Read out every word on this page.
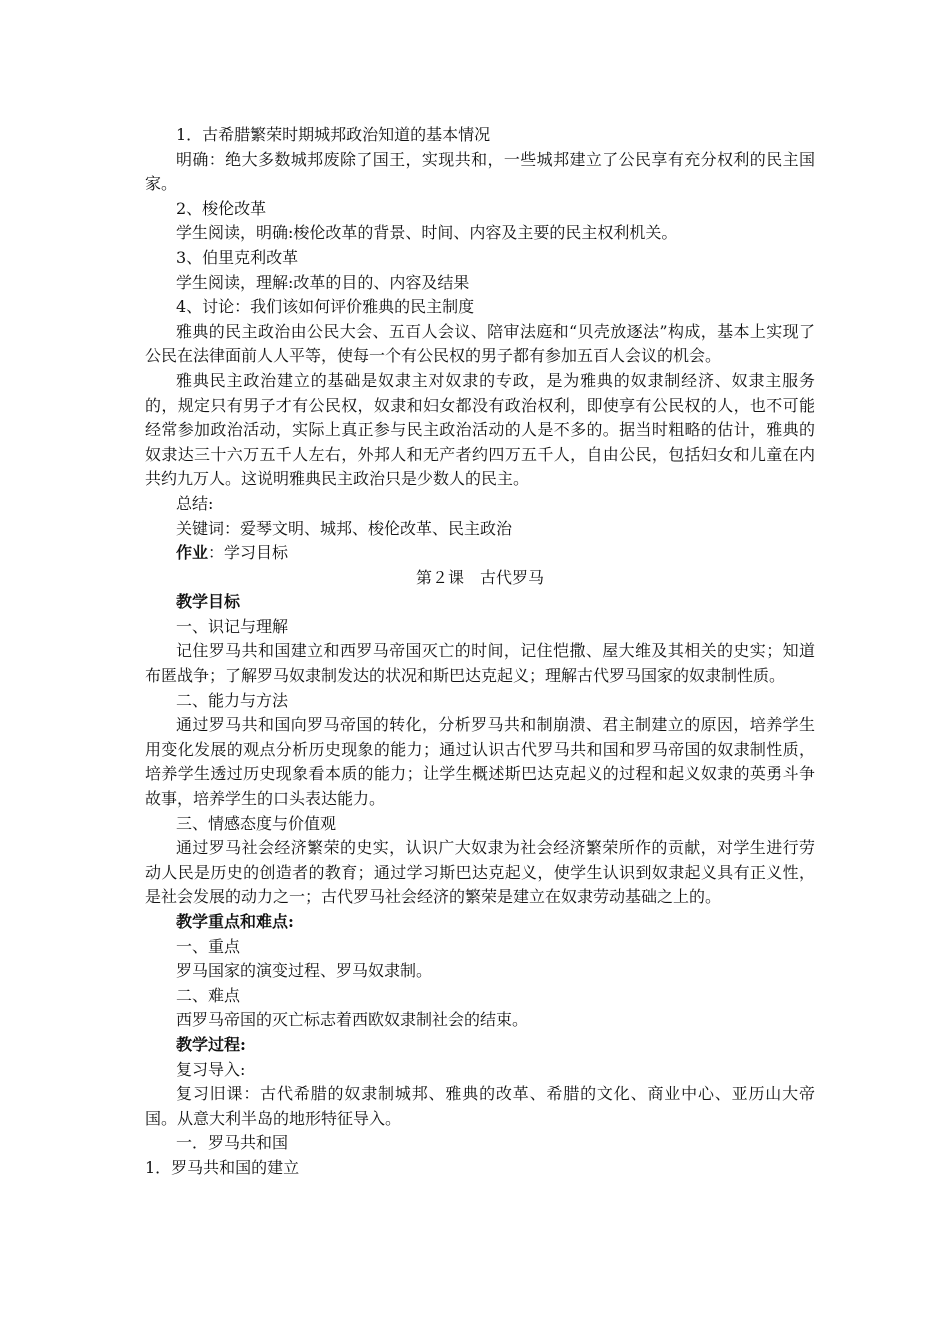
1．古希腊繁荣时期城邦政治知道的基本情况

明确：绝大多数城邦废除了国王，实现共和，一些城邦建立了公民享有充分权利的民主国家。

2、梭伦改革

学生阅读，明确:梭伦改革的背景、时间、内容及主要的民主权利机关。

3、伯里克利改革

学生阅读，理解:改革的目的、内容及结果

4、讨论：我们该如何评价雅典的民主制度

雅典的民主政治由公民大会、五百人会议、陪审法庭和“贝壳放逐法”构成，基本上实现了公民在法律面前人人平等，使每一个有公民权的男子都有参加五百人会议的机会。

雅典民主政治建立的基础是奴隶主对奴隶的专政，是为雅典的奴隶制经济、奴隶主服务的，规定只有男子才有公民权，奴隶和妇女都没有政治权利，即使享有公民权的人，也不可能经常参加政治活动，实际上真正参与民主政治活动的人是不多的。据当时粗略的估计，雅典的奴隶达三十六万五千人左右，外邦人和无产者约四万五千人，自由公民，包括妇女和儿童在内共约九万人。这说明雅典民主政治只是少数人的民主。

总结:

关键词：爱琴文明、城邦、梭伦改革、民主政治

作业：学习目标

第２课　古代罗马

教学目标

一、识记与理解

记住罗马共和国建立和西罗马帝国灭亡的时间，记住恺撒、屋大维及其相关的史实；知道布匿战争；了解罗马奴隶制发达的状况和斯巴达克起义；理解古代罗马国家的奴隶制性质。

二、能力与方法

通过罗马共和国向罗马帝国的转化，分析罗马共和制崩溃、君主制建立的原因，培养学生用变化发展的观点分析历史现象的能力；通过认识古代罗马共和国和罗马帝国的奴隶制性质，培养学生透过历史现象看本质的能力；让学生概述斯巴达克起义的过程和起义奴隶的英勇斗争故事，培养学生的口头表达能力。

三、情感态度与价值观

通过罗马社会经济繁荣的史实，认识广大奴隶为社会经济繁荣所作的贡献，对学生进行劳动人民是历史的创造者的教育；通过学习斯巴达克起义，使学生认识到奴隶起义具有正义性，是社会发展的动力之一；古代罗马社会经济的繁荣是建立在奴隶劳动基础之上的。

教学重点和难点:

一、重点

罗马国家的演变过程、罗马奴隶制。

二、难点

西罗马帝国的灭亡标志着西欧奴隶制社会的结束。

教学过程:

复习导入:

复习旧课：古代希腊的奴隶制城邦、雅典的改革、希腊的文化、商业中心、亚历山大帝国。从意大利半岛的地形特征导入。

一．罗马共和国

1．罗马共和国的建立
